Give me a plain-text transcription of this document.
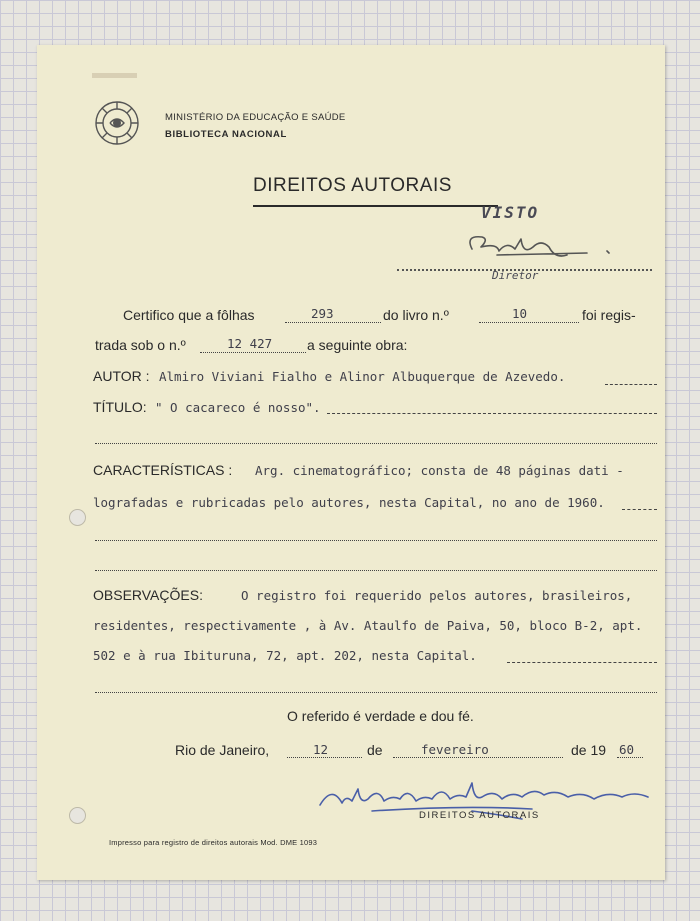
MINISTÉRIO DA EDUCAÇÃO E SAÚDE
BIBLIOTECA NACIONAL
DIREITOS AUTORAIS
VISTO
Diretor
Certifico que a fôlhas	293	do livro n.º	10	foi regis-
trada sob o n.º	12 427 a seguinte obra:
AUTOR : Almiro Viviani Fialho e Alinor Albuquerque de Azevedo.
TÍTULO: " O cacareco é nosso".
CARACTERÍSTICAS : Arg. cinematográfico; consta de 48 páginas dati -
lografadas e rubricadas pelo autores, nesta Capital, no ano de 1960.
OBSERVAÇÕES:	O registro foi requerido pelos autores, brasileiros,
residentes, respectivamente , à Av. Ataulfo de Paiva, 50, bloco B-2, apt.
502 e à rua Ibituruna, 72, apt. 202, nesta Capital.
O referido é verdade e dou fé.
Rio de Janeiro,	12	de	fevereiro	de 19 60
DIREITOS AUTORAIS
Impresso para registro de direitos autorais Mod. DME 1093
